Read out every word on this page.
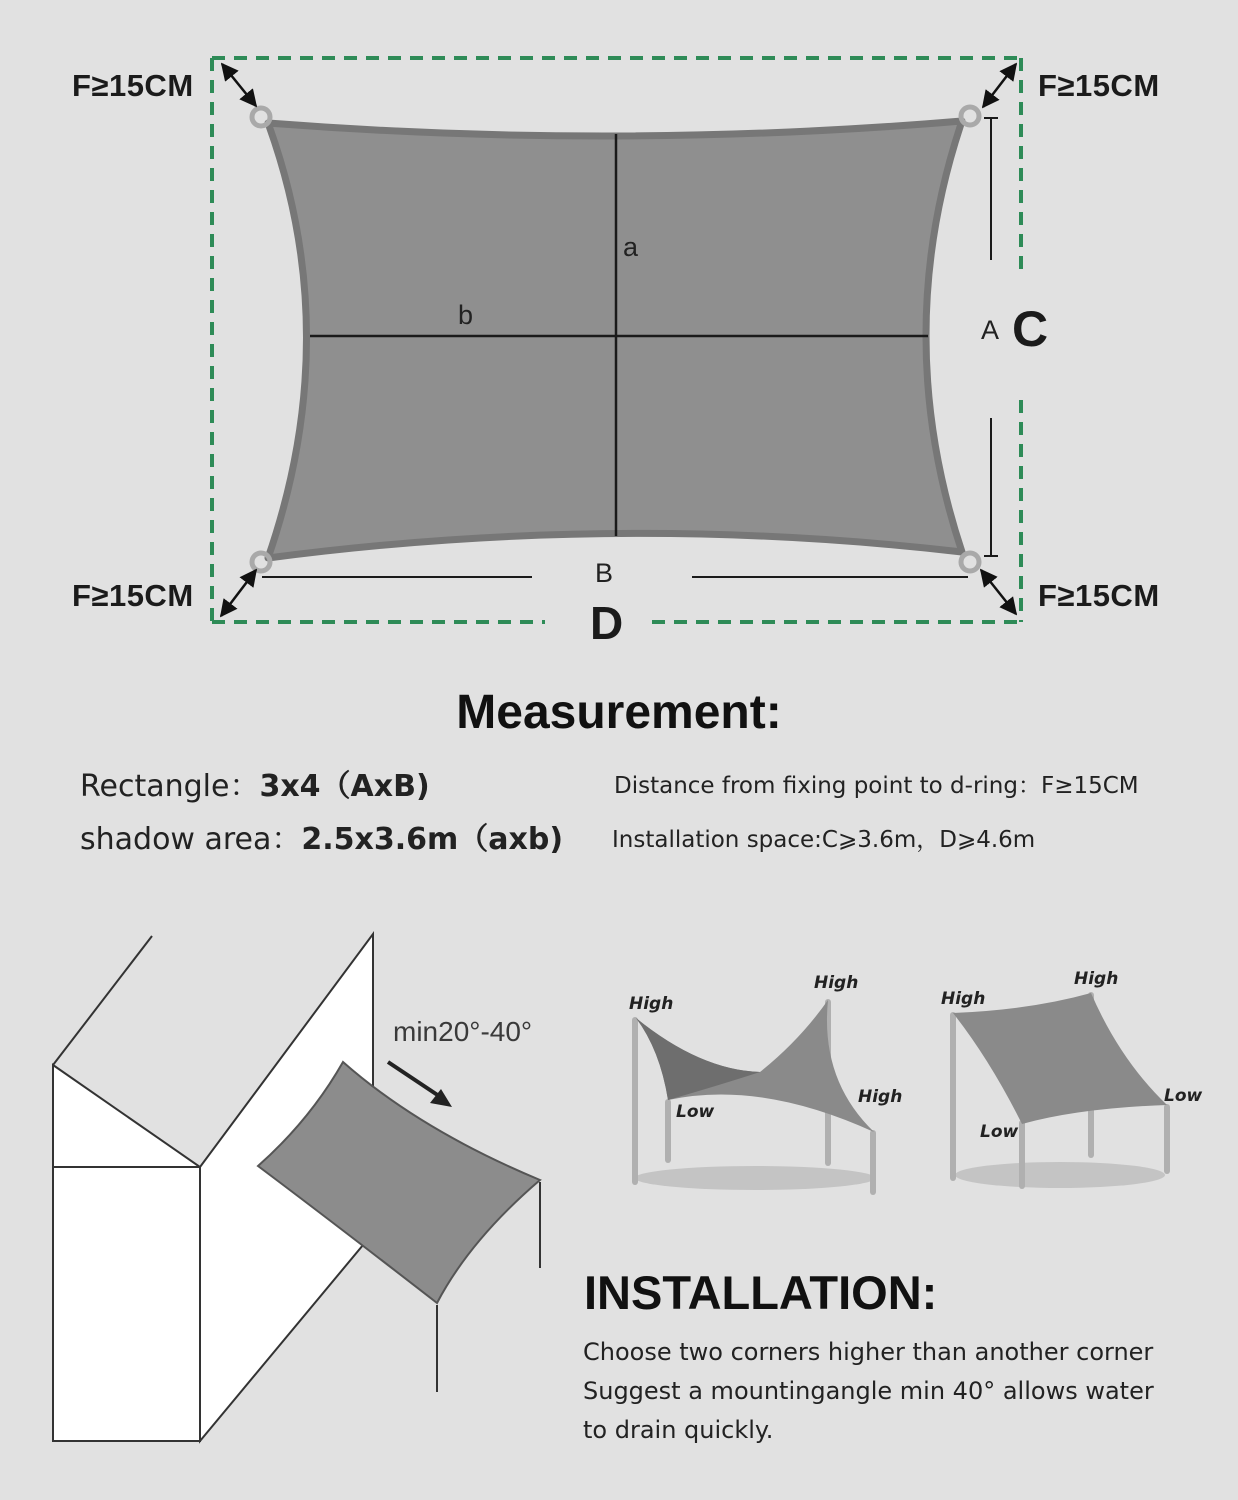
F≥15CM	F≥15CM
F≥15CM	F≥15CM
a
b	A C
B
D
Measurement:
Rectangle：3x4（AxB)
shadow area：2.5x3.6m（axb)
Distance from fixing point to d-ring：F≥15CM
Installation space:C⩾3.6m，D⩾4.6m
min20°-40°
High
High
Low
High
High
High
Low
Low
INSTALLATION:
Choose two corners higher than another corner
Suggest a mountingangle min 40° allows water
to drain quickly.
